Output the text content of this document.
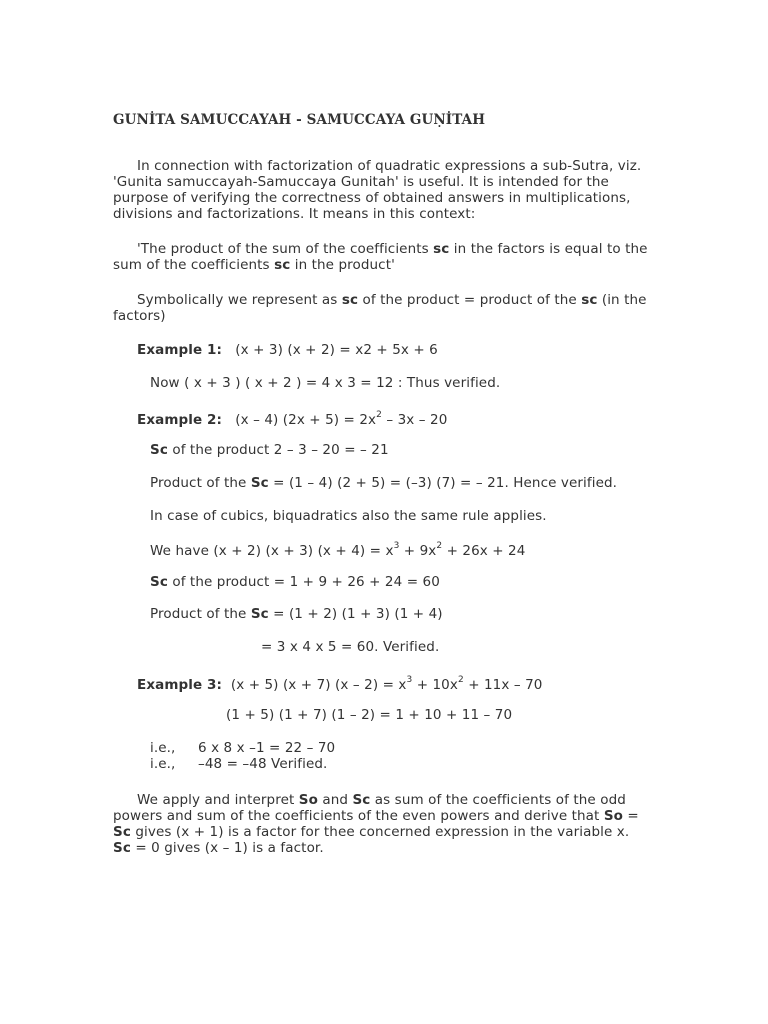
GUNİTA SAMUCCAYAH - SAMUCCAYA GUṆİTAH

In connection with factorization of quadratic expressions a sub-Sutra, viz. 'Gunita samuccayah-Samuccaya Gunitah' is useful. It is intended for the purpose of verifying the correctness of obtained answers in multiplications, divisions and factorizations. It means in this context:

'The product of the sum of the coefficients sc in the factors is equal to the sum of the coefficients sc in the product'

Symbolically we represent as sc of the product = product of the sc (in the factors)

Example 1: (x + 3) (x + 2) = x2 + 5x + 6
Now ( x + 3 ) ( x + 2 ) = 4 x 3 = 12 : Thus verified.
Example 2: (x – 4) $(2x + 5) = 2x^2 - 3x - 20$
Sc of the product 2 – 3 – 20 = – 21
Product of the Sc = (1 – 4) (2 + 5) = (–3) (7) = – 21. Hence verified.
In case of cubics, biquadratics also the same rule applies.
We have (x + 2) (x + 3) $(x + 4) = x^3 + 9x^2 + 26x + 24$
Sc of the product = 1 + 9 + 26 + 24 = 60
Product of the Sc = (1 + 2) (1 + 3) (1 + 4)
= 3 x 4 x 5 = 60. Verified.
Example 3: (x + 5) (x + 7) $(x - 2) = x^3 + 10x^2 + 11x - 70$
(1 + 5) (1 + 7) (1 – 2) = 1 + 10 + 11 – 70
i.e., 6 x 8 x –1 = 22 – 70
i.e., –48 = –48 Verified.

We apply and interpret So and Sc as sum of the coefficients of the odd powers and sum of the coefficients of the even powers and derive that So = Sc gives (x + 1) is a factor for thee concerned expression in the variable x. Sc = 0 gives (x – 1) is a factor.
